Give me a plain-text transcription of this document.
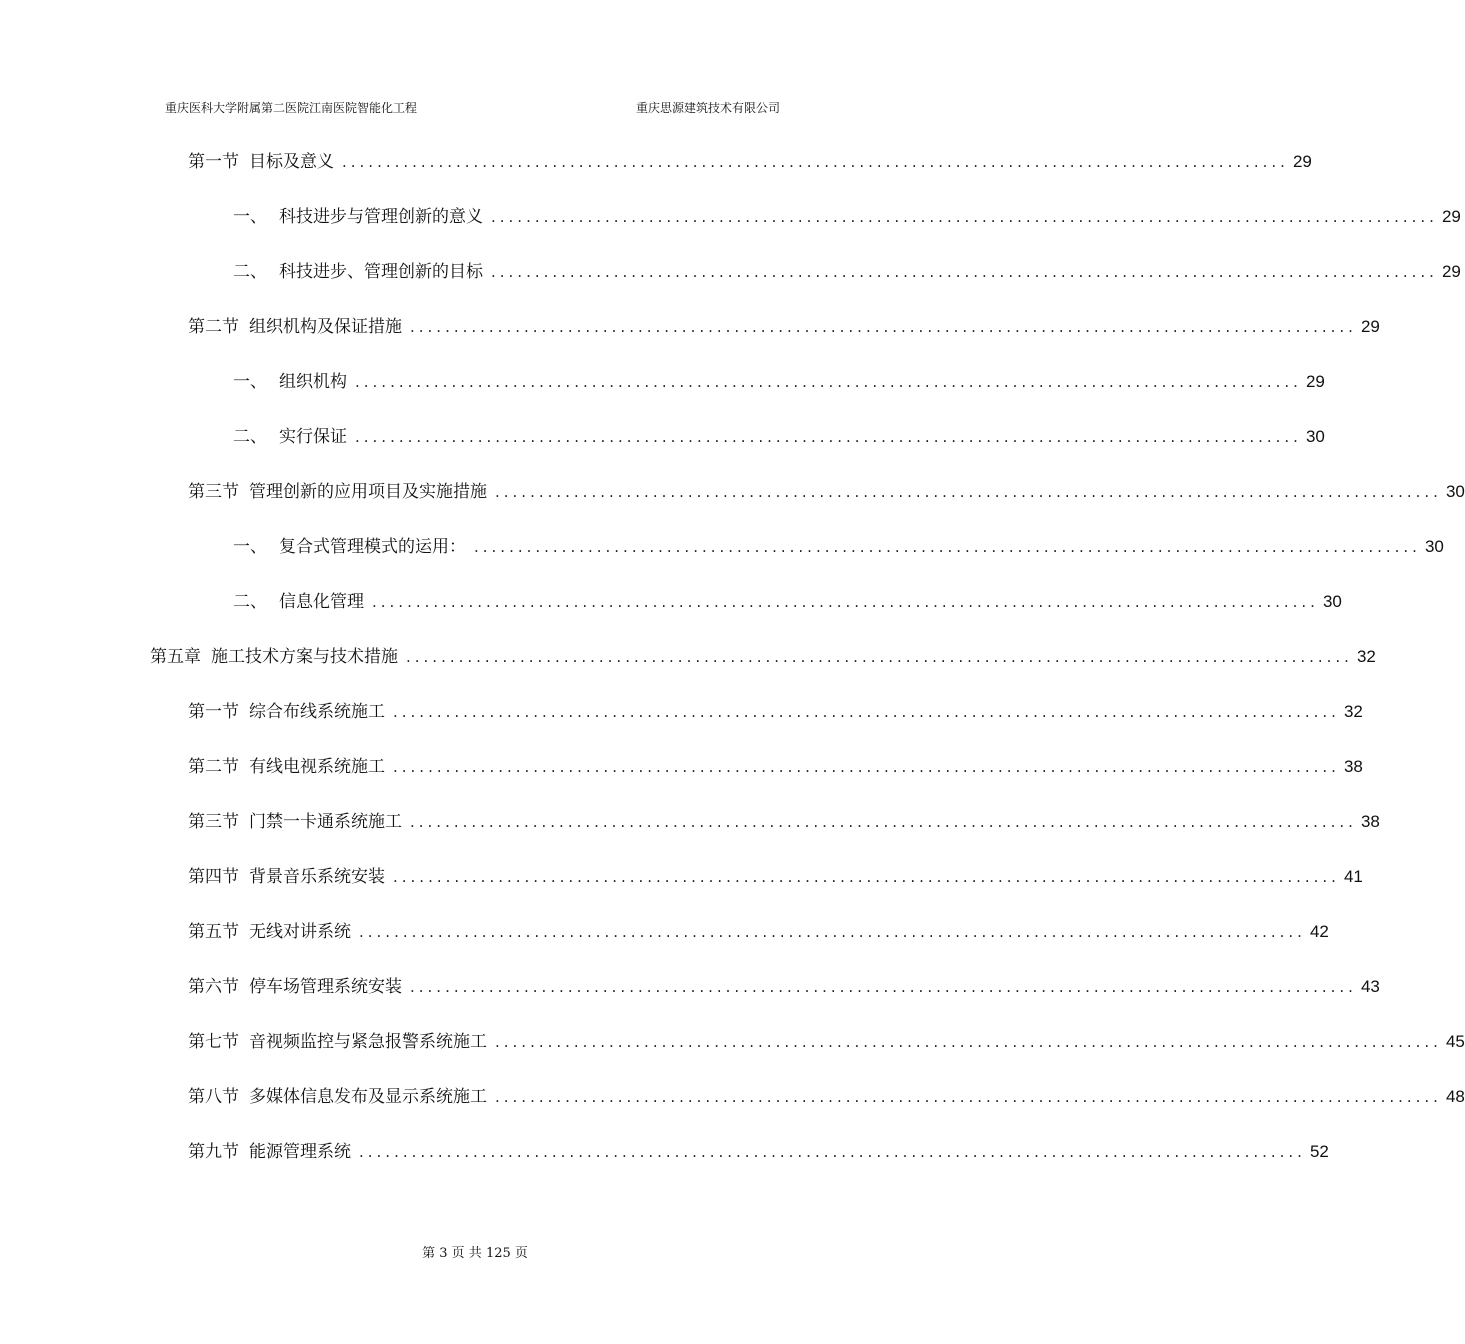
重庆医科大学附属第二医院江南医院智能化工程	重庆思源建筑技术有限公司
第一节 目标及意义 ............................................................................................................ 29
一、 科技进步与管理创新的意义 ............................................................................................................ 29
二、 科技进步、管理创新的目标 ............................................................................................................ 29
第二节 组织机构及保证措施 ............................................................................................................ 29
一、 组织机构 ............................................................................................................ 29
二、 实行保证 ............................................................................................................ 30
第三节 管理创新的应用项目及实施措施 ............................................................................................................ 30
一、 复合式管理模式的运用： ............................................................................................................ 30
二、 信息化管理 ............................................................................................................ 30
第五章 施工技术方案与技术措施 ............................................................................................................ 32
第一节 综合布线系统施工 ............................................................................................................ 32
第二节 有线电视系统施工 ............................................................................................................ 38
第三节 门禁一卡通系统施工 ............................................................................................................ 38
第四节 背景音乐系统安装 ............................................................................................................ 41
第五节 无线对讲系统 ............................................................................................................ 42
第六节 停车场管理系统安装 ............................................................................................................ 43
第七节 音视频监控与紧急报警系统施工 ............................................................................................................ 45
第八节 多媒体信息发布及显示系统施工 ............................................................................................................ 48
第九节 能源管理系统 ............................................................................................................ 52
第 3 页 共 125 页
